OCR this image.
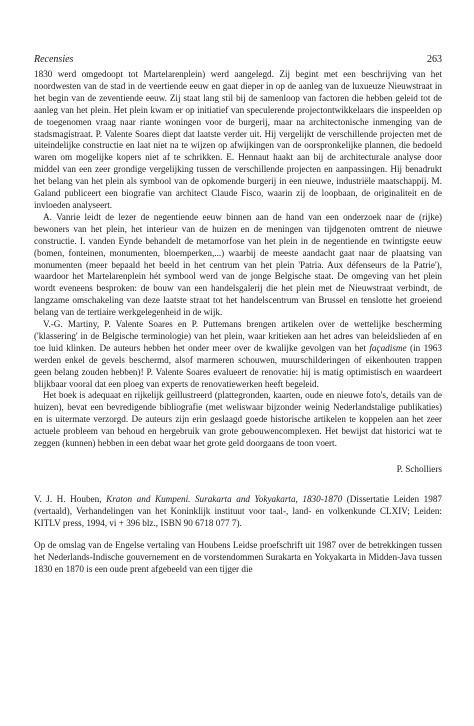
Recensies	263

1830 werd omgedoopt tot Martelarenplein) werd aangelegd. Zij begint met een beschrijving van het noordwesten van de stad in de veertiende eeuw en gaat dieper in op de aanleg van de luxueuze Nieuwstraat in het begin van de zeventiende eeuw. Zij staat lang stil bij de samenloop van factoren die hebben geleid tot de aanleg van het plein. Het plein kwam er op initiatief van speculerende projectontwikkelaars die inspeelden op de toegenomen vraag naar riante woningen voor de burgerij, maar na architectonische inmenging van de stadsmagistraat. P. Valente Soares diept dat laatste verder uit. Hij vergelijkt de verschillende projecten met de uiteindelijke constructie en laat niet na te wijzen op afwijkingen van de oorspronkelijke plannen, die bedoeld waren om mogelijke kopers niet af te schrikken. E. Hennaut haakt aan bij de architecturale analyse door middel van een zeer grondige vergelijking tussen de verschillende projecten en aanpassingen. Hij benadrukt het belang van het plein als symbool van de opkomende burgerij in een nieuwe, industriële maatschappij. M. Galand publiceert een biografie van architect Claude Fisco, waarin zij de loopbaan, de originaliteit en de invloeden analyseert.

A. Vanrie leidt de lezer de negentiende eeuw binnen aan de hand van een onderzoek naar de (rijke) bewoners van het plein, het interieur van de huizen en de meningen van tijdgenoten omtrent de nieuwe constructie. I. vanden Eynde behandelt de metamorfose van het plein in de negentiende en twintigste eeuw (bomen, fonteinen, monumenten, bloemperken,...) waarbij de meeste aandacht gaat naar de plaatsing van monumenten (meer bepaald het beeld in het centrum van het plein 'Patria. Aux défenseurs de la Patrie'), waardoor het Martelarenplein hét symbool werd van de jonge Belgische staat. De omgeving van het plein wordt eveneens besproken: de bouw van een handelsgalerij die het plein met de Nieuwstraat verbindt, de langzame omschakeling van deze laatste straat tot het handelscentrum van Brussel en tenslotte het groeiend belang van de tertiaire werkgelegenheid in de wijk.

V.-G. Martiny, P. Valente Soares en P. Puttemans brengen artikelen over de wettelijke bescherming ('klassering' in de Belgische terminologie) van het plein, waar kritieken aan het adres van beleidslieden af en toe luid klinken. De auteurs hebben het onder meer over de kwalijke gevolgen van het façadisme (in 1963 werden enkel de gevels beschermd, alsof marmeren schouwen, muurschilderingen of eikenhouten trappen geen belang zouden hebben)! P. Valente Soares evalueert de renovatie: hij is matig optimistisch en waardeert blijkbaar vooral dat een ploeg van experts de renovatiewerken heeft begeleid.

Het boek is adequaat en rijkelijk geïllustreerd (plattegronden, kaarten, oude en nieuwe foto's, details van de huizen), bevat een bevredigende bibliografie (met weliswaar bijzonder weinig Nederlandstalige publikaties) en is uitermate verzorgd. De auteurs zijn erin geslaagd goede historische artikelen te koppelen aan het zeer actuele probleem van behoud en hergebruik van grote gebouwencomplexen. Het bewijst dat historici wat te zeggen (kunnen) hebben in een debat waar het grote geld doorgaans de toon voert.

P. Scholliers

V. J. H. Houben, Kraton and Kumpeni. Surakarta and Yokyakarta, 1830-1870 (Dissertatie Leiden 1987 (vertaald), Verhandelingen van het Koninklijk instituut voor taal-, land- en volkenkunde CLXIV; Leiden: KITLV press, 1994, vi + 396 blz., ISBN 90 6718 077 7).

Op de omslag van de Engelse vertaling van Houbens Leidse proefschrift uit 1987 over de betrekkingen tussen het Nederlands-Indische gouvernement en de vorstendommen Surakarta en Yokyakarta in Midden-Java tussen 1830 en 1870 is een oude prent afgebeeld van een tijger die
